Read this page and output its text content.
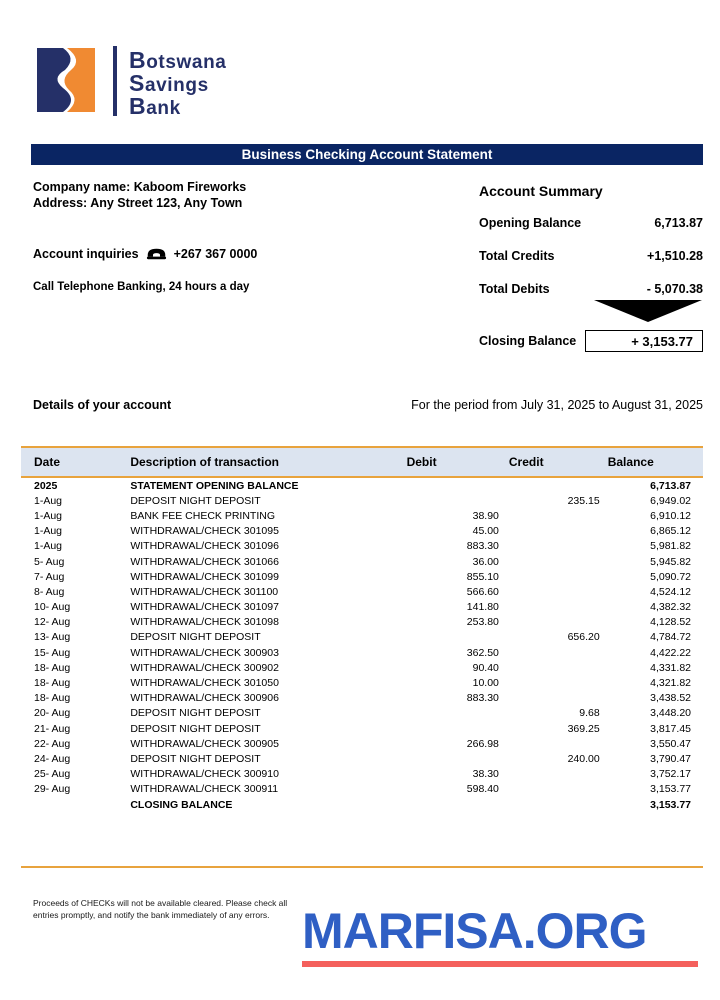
Botswana
Savings
Bank
Business Checking Account Statement
Company name: Kaboom Fireworks
Address: Any Street 123, Any Town
Account inquiries	+267 367 0000
Call Telephone Banking, 24 hours a day
Account Summary
Opening Balance	6,713.87
Total Credits	+1,510.28
Total Debits	- 5,070.38
Closing Balance	+ 3,153.77
Details of your account	For the period from July 31, 2025 to August 31, 2025
Date	Description of transaction	Debit	Credit	Balance
2025	STATEMENT OPENING BALANCE			6,713.87
1-Aug	DEPOSIT NIGHT DEPOSIT		235.15	6,949.02
1-Aug	BANK FEE CHECK PRINTING	38.90		6,910.12
1-Aug	WITHDRAWAL/CHECK 301095	45.00		6,865.12
1-Aug	WITHDRAWAL/CHECK 301096	883.30		5,981.82
5- Aug	WITHDRAWAL/CHECK 301066	36.00		5,945.82
7- Aug	WITHDRAWAL/CHECK 301099	855.10		5,090.72
8- Aug	WITHDRAWAL/CHECK 301100	566.60		4,524.12
10- Aug	WITHDRAWAL/CHECK 301097	141.80		4,382.32
12- Aug	WITHDRAWAL/CHECK 301098	253.80		4,128.52
13- Aug	DEPOSIT NIGHT DEPOSIT		656.20	4,784.72
15- Aug	WITHDRAWAL/CHECK 300903	362.50		4,422.22
18- Aug	WITHDRAWAL/CHECK 300902	90.40		4,331.82
18- Aug	WITHDRAWAL/CHECK 301050	10.00		4,321.82
18- Aug	WITHDRAWAL/CHECK 300906	883.30		3,438.52
20- Aug	DEPOSIT NIGHT DEPOSIT		9.68	3,448.20
21- Aug	DEPOSIT NIGHT DEPOSIT		369.25	3,817.45
22- Aug	WITHDRAWAL/CHECK 300905	266.98		3,550.47
24- Aug	DEPOSIT NIGHT DEPOSIT		240.00	3,790.47
25- Aug	WITHDRAWAL/CHECK 300910	38.30		3,752.17
29- Aug	WITHDRAWAL/CHECK 300911	598.40		3,153.77
	CLOSING BALANCE			3,153.77
Proceeds of CHECKs will not be available cleared. Please check all entries promptly, and notify the bank immediately of any errors. MARFISA.ORG
